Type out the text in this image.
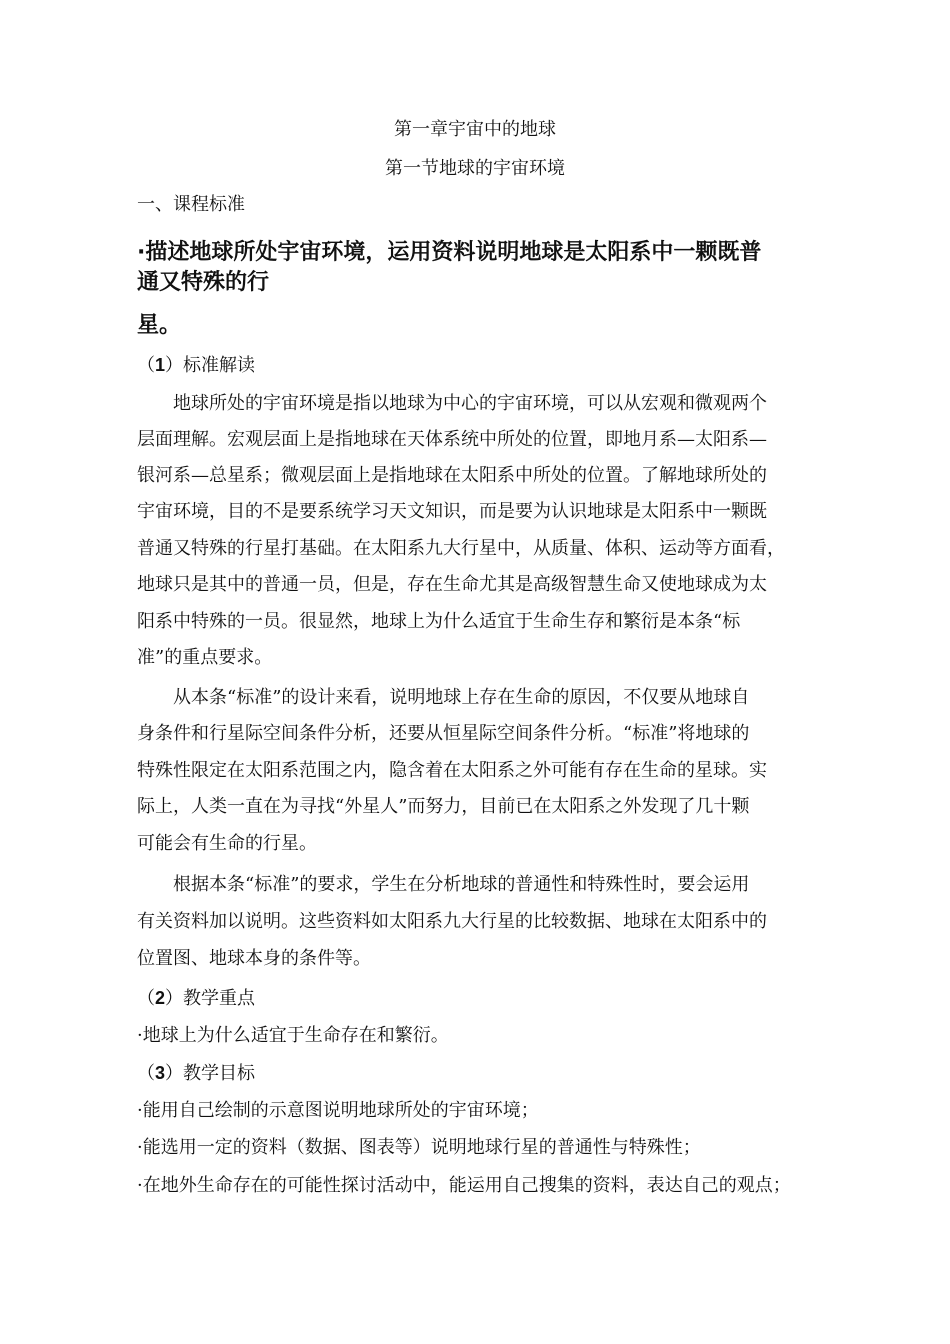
第一章宇宙中的地球
第一节地球的宇宙环境
一、课程标准
·描述地球所处宇宙环境，运用资料说明地球是太阳系中一颗既普
通又特殊的行
星。
（1）标准解读
地球所处的宇宙环境是指以地球为中心的宇宙环境，可以从宏观和微观两个
层面理解。宏观层面上是指地球在天体系统中所处的位置，即地月系—太阳系—
银河系—总星系；微观层面上是指地球在太阳系中所处的位置。了解地球所处的
宇宙环境，目的不是要系统学习天文知识，而是要为认识地球是太阳系中一颗既
普通又特殊的行星打基础。在太阳系九大行星中，从质量、体积、运动等方面看，
地球只是其中的普通一员，但是，存在生命尤其是高级智慧生命又使地球成为太
阳系中特殊的一员。很显然，地球上为什么适宜于生命生存和繁衍是本条“标
准”的重点要求。
从本条“标准”的设计来看，说明地球上存在生命的原因，不仅要从地球自
身条件和行星际空间条件分析，还要从恒星际空间条件分析。“标准”将地球的
特殊性限定在太阳系范围之内，隐含着在太阳系之外可能有存在生命的星球。实
际上，人类一直在为寻找“外星人”而努力，目前已在太阳系之外发现了几十颗
可能会有生命的行星。
根据本条“标准”的要求，学生在分析地球的普通性和特殊性时，要会运用
有关资料加以说明。这些资料如太阳系九大行星的比较数据、地球在太阳系中的
位置图、地球本身的条件等。
（2）教学重点
·地球上为什么适宜于生命存在和繁衍。
（3）教学目标
·能用自己绘制的示意图说明地球所处的宇宙环境；
·能选用一定的资料（数据、图表等）说明地球行星的普通性与特殊性；
·在地外生命存在的可能性探讨活动中，能运用自己搜集的资料，表达自己的观点；
